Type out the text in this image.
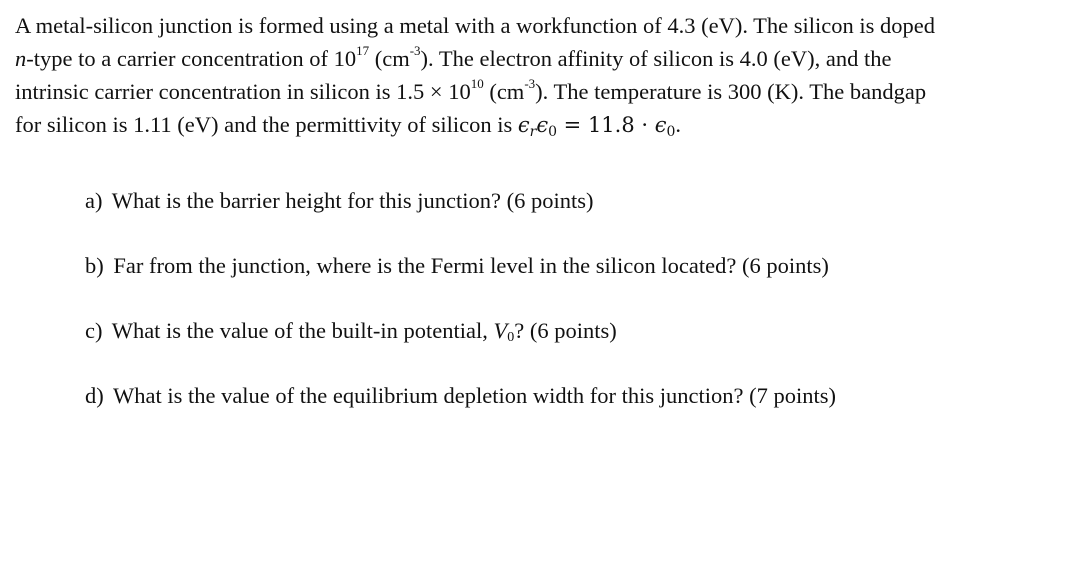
A metal-silicon junction is formed using a metal with a workfunction of 4.3 (eV). The silicon is doped
n-type to a carrier concentration of $10^{17}$ $(cm^{-3})$. The electron affinity of silicon is 4.0 (eV), and the
intrinsic carrier concentration in silicon is $1.5 \times 10^{10}$ $(cm^{-3})$. The temperature is 300 (K). The bandgap
for silicon is 1.11 (eV) and the permittivity of silicon is $\epsilon_r\epsilon_0 = 11.8 \cdot \epsilon_0$.
a) What is the barrier height for this junction? (6 points)
b) Far from the junction, where is the Fermi level in the silicon located? (6 points)
c) What is the value of the built-in potential, V0? (6 points)
d) What is the value of the equilibrium depletion width for this junction? (7 points)
